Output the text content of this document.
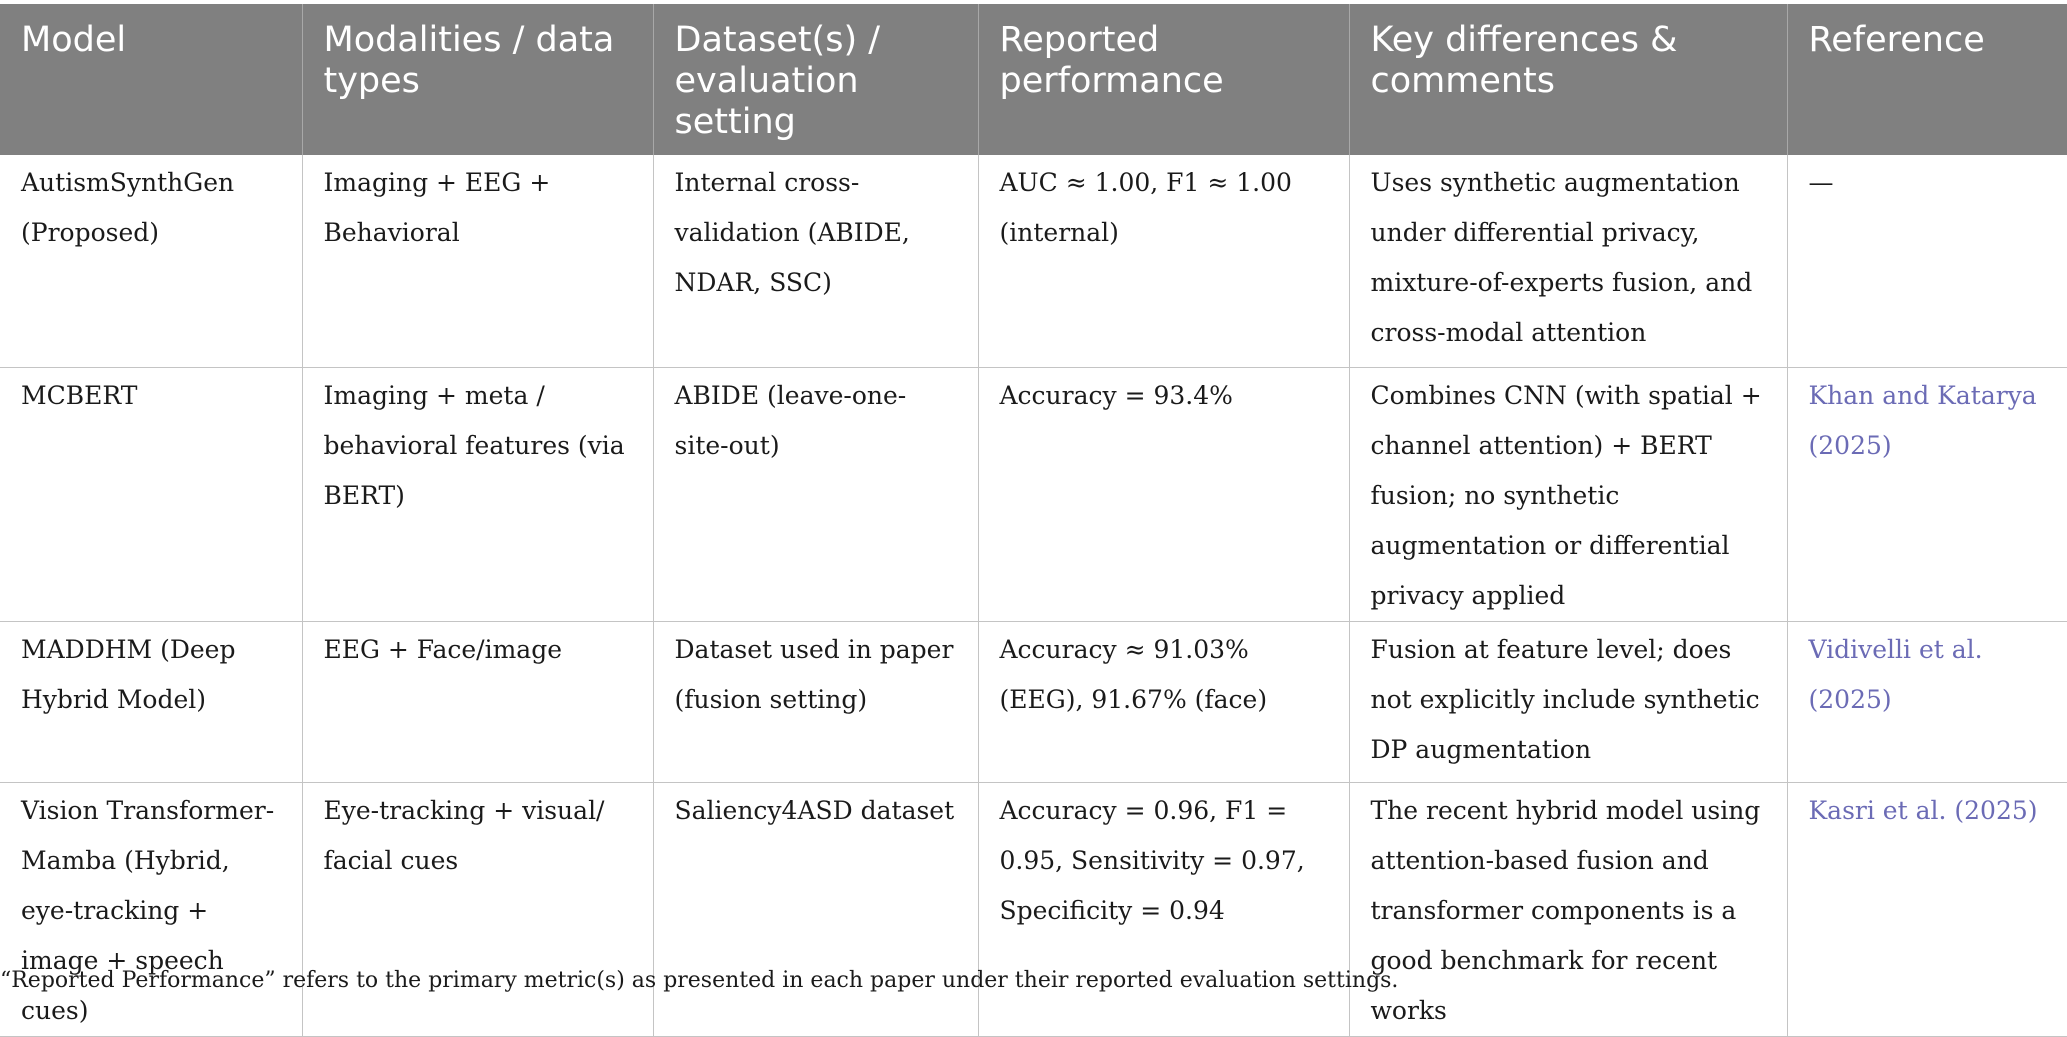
Model	Modalities / data types	Dataset(s) / evaluation setting	Reported performance	Key differences & comments	Reference
AutismSynthGen (Proposed)	Imaging + EEG + Behavioral	Internal cross-validation (ABIDE, NDAR, SSC)	AUC ≈ 1.00, F1 ≈ 1.00 (internal)	Uses synthetic augmentation under differential privacy, mixture-of-experts fusion, and cross-modal attention	—
MCBERT	Imaging + meta / behavioral features (via BERT)	ABIDE (leave-one-site-out)	Accuracy = 93.4%	Combines CNN (with spatial + channel attention) + BERT fusion; no synthetic augmentation or differential privacy applied	Khan and Katarya (2025)
MADDHM (Deep Hybrid Model)	EEG + Face/image	Dataset used in paper (fusion setting)	Accuracy ≈ 91.03% (EEG), 91.67% (face)	Fusion at feature level; does not explicitly include synthetic DP augmentation	Vidivelli et al. (2025)
Vision Transformer-Mamba (Hybrid, eye-tracking + image + speech cues)	Eye-tracking + visual/ facial cues	Saliency4ASD dataset	Accuracy = 0.96, F1 = 0.95, Sensitivity = 0.97, Specificity = 0.94	The recent hybrid model using attention-based fusion and transformer components is a good benchmark for recent works	Kasri et al. (2025)
“Reported Performance” refers to the primary metric(s) as presented in each paper under their reported evaluation settings.
